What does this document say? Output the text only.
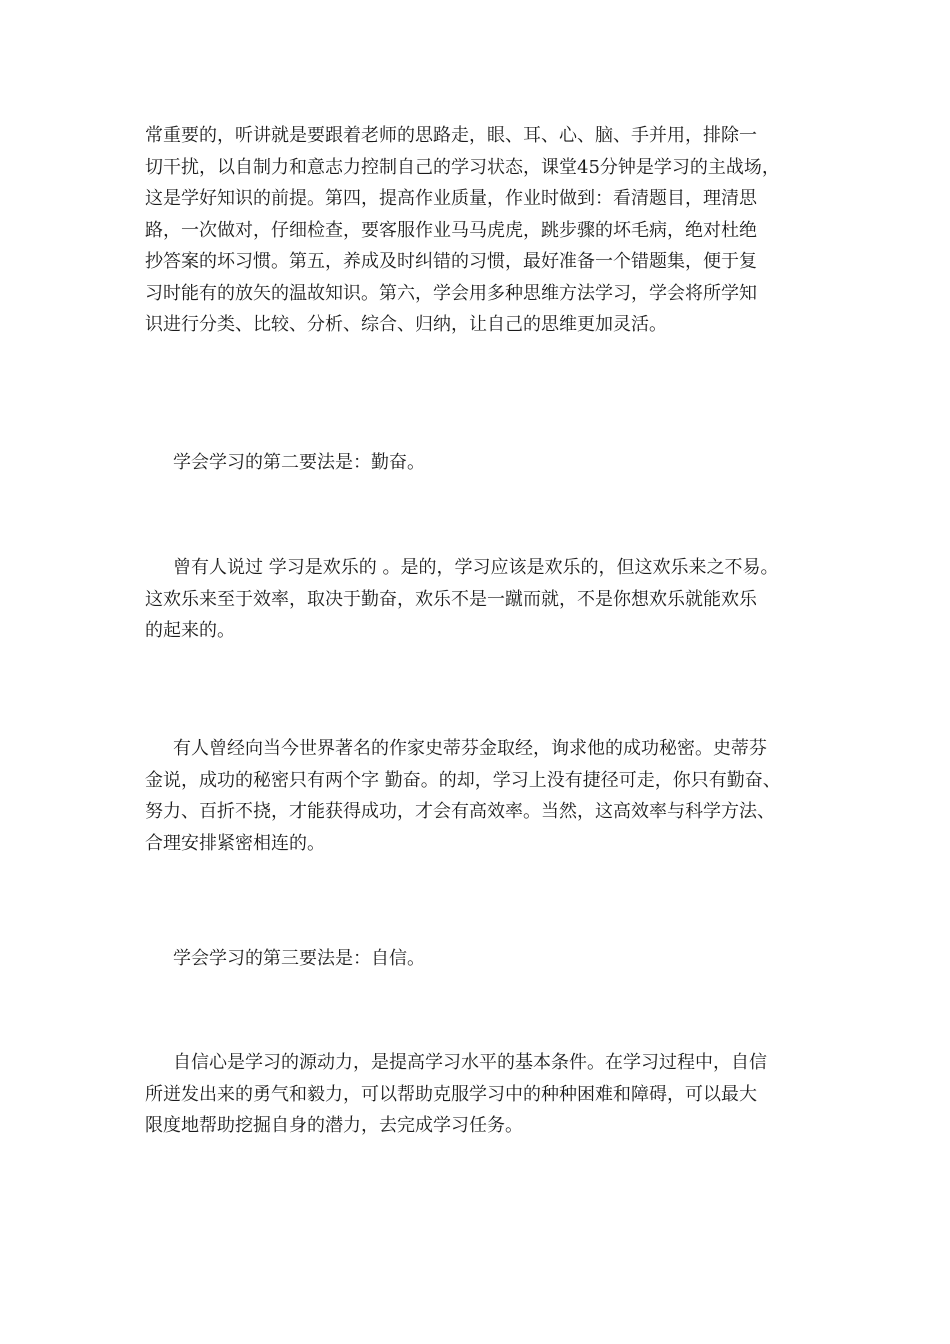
常重要的，听讲就是要跟着老师的思路走，眼、耳、心、脑、手并用，排除一
切干扰，以自制力和意志力控制自己的学习状态，课堂45分钟是学习的主战场，
这是学好知识的前提。第四，提高作业质量，作业时做到：看清题目，理清思
路，一次做对，仔细检查，要客服作业马马虎虎，跳步骤的坏毛病，绝对杜绝
抄答案的坏习惯。第五，养成及时纠错的习惯，最好准备一个错题集，便于复
习时能有的放矢的温故知识。第六，学会用多种思维方法学习，学会将所学知
识进行分类、比较、分析、综合、归纳，让自己的思维更加灵活。
学会学习的第二要法是：勤奋。
曾有人说过 学习是欢乐的 。是的，学习应该是欢乐的，但这欢乐来之不易。
这欢乐来至于效率，取决于勤奋，欢乐不是一蹴而就，不是你想欢乐就能欢乐
的起来的。
有人曾经向当今世界著名的作家史蒂芬金取经，询求他的成功秘密。史蒂芬
金说，成功的秘密只有两个字 勤奋。的却，学习上没有捷径可走，你只有勤奋、
努力、百折不挠，才能获得成功，才会有高效率。当然，这高效率与科学方法、
合理安排紧密相连的。
学会学习的第三要法是：自信。
自信心是学习的源动力，是提高学习水平的基本条件。在学习过程中，自信
所迸发出来的勇气和毅力，可以帮助克服学习中的种种困难和障碍，可以最大
限度地帮助挖掘自身的潜力，去完成学习任务。
